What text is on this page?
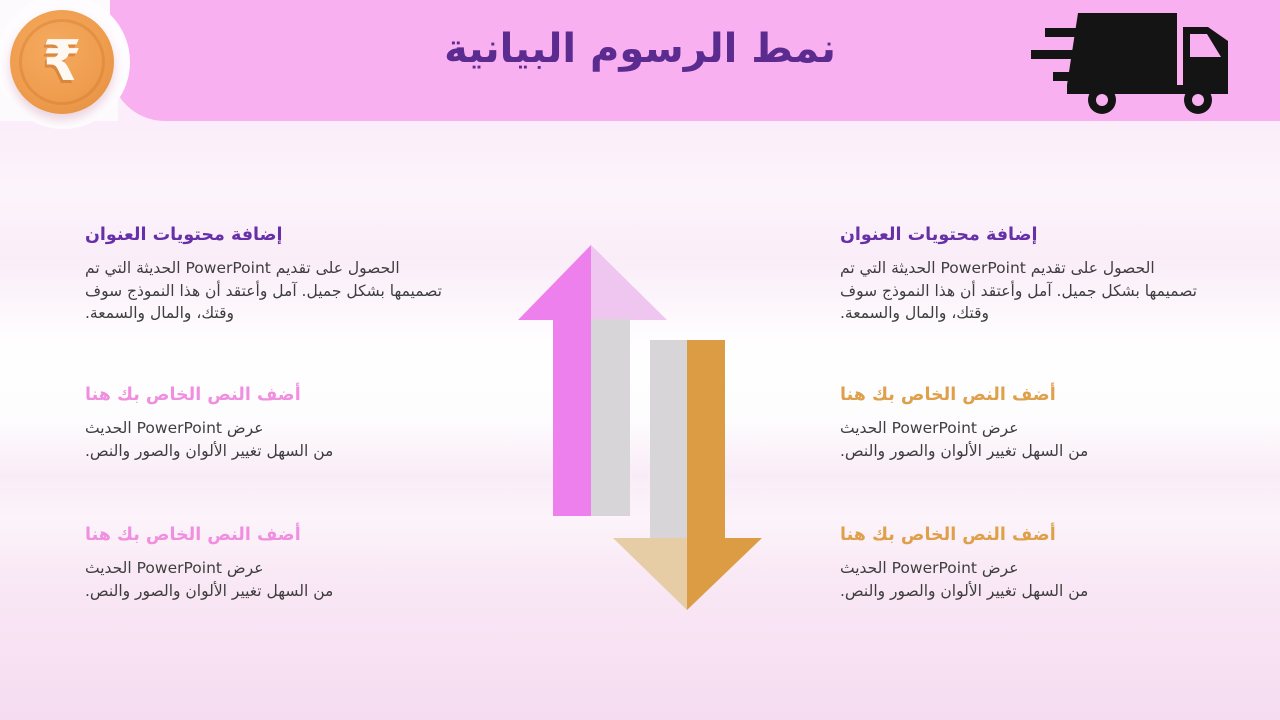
نمط الرسوم البيانية
₹
إضافة محتويات العنوان
الحصول على تقديم PowerPoint الحديثة التي تم
تصميمها بشكل جميل. آمل وأعتقد أن هذا النموذج سوف
وقتك، والمال والسمعة.
أضف النص الخاص بك هنا
عرض PowerPoint الحديث
من السهل تغيير الألوان والصور والنص.
أضف النص الخاص بك هنا
عرض PowerPoint الحديث
من السهل تغيير الألوان والصور والنص.
إضافة محتويات العنوان
الحصول على تقديم PowerPoint الحديثة التي تم
تصميمها بشكل جميل. آمل وأعتقد أن هذا النموذج سوف
وقتك، والمال والسمعة.
أضف النص الخاص بك هنا
عرض PowerPoint الحديث
من السهل تغيير الألوان والصور والنص.
أضف النص الخاص بك هنا
عرض PowerPoint الحديث
من السهل تغيير الألوان والصور والنص.
